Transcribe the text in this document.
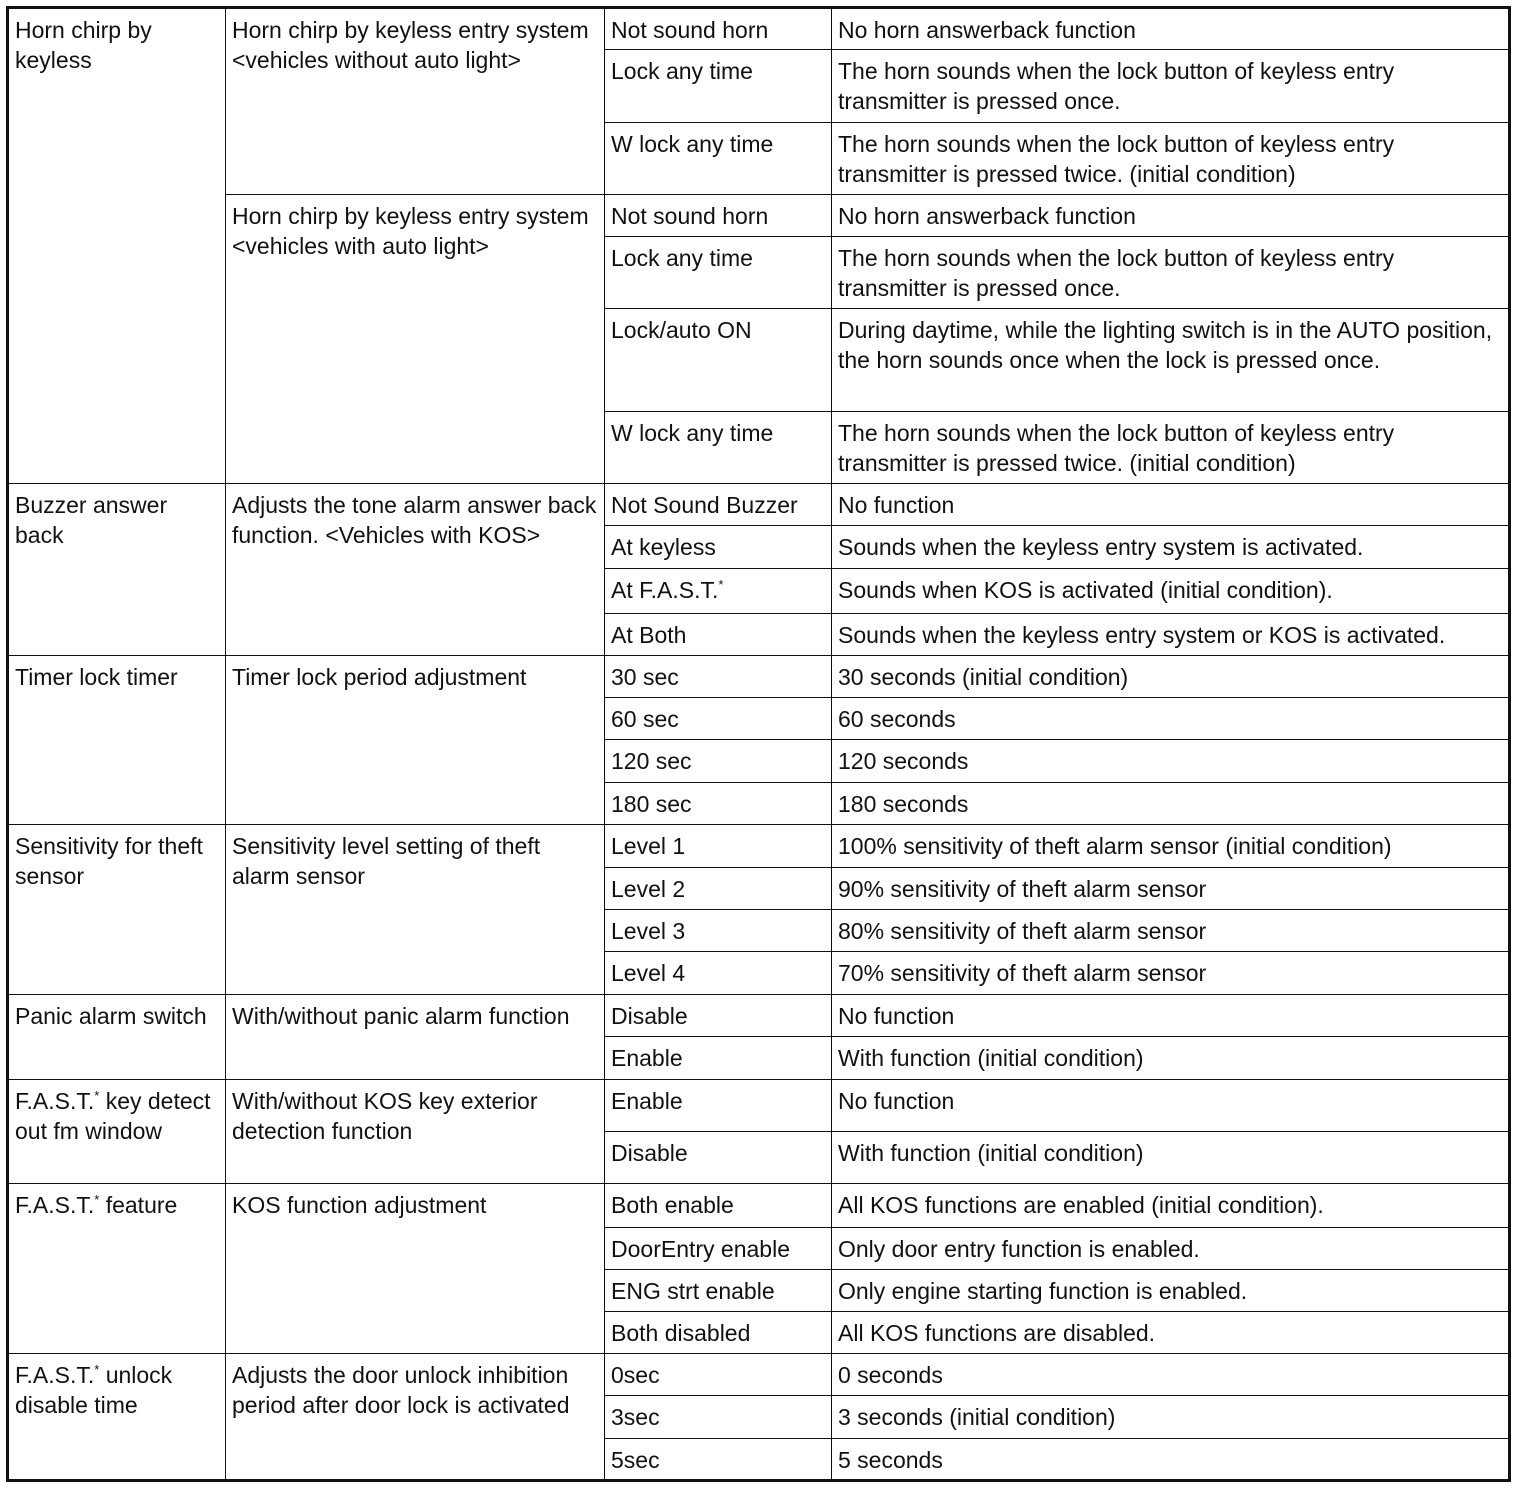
Horn chirp by keyless	Horn chirp by keyless entry system <vehicles without auto light>	Not sound horn	No horn answerback function
		Lock any time	The horn sounds when the lock button of keyless entry transmitter is pressed once.
		W lock any time	The horn sounds when the lock button of keyless entry transmitter is pressed twice. (initial condition)
	Horn chirp by keyless entry system <vehicles with auto light>	Not sound horn	No horn answerback function
		Lock any time	The horn sounds when the lock button of keyless entry transmitter is pressed once.
		Lock/auto ON	During daytime, while the lighting switch is in the AUTO position, the horn sounds once when the lock is pressed once.
		W lock any time	The horn sounds when the lock button of keyless entry transmitter is pressed twice. (initial condition)
Buzzer answer back	Adjusts the tone alarm answer back function. <Vehicles with KOS>	Not Sound Buzzer	No function
		At keyless	Sounds when the keyless entry system is activated.
		At F.A.S.T.*	Sounds when KOS is activated (initial condition).
		At Both	Sounds when the keyless entry system or KOS is activated.
Timer lock timer	Timer lock period adjustment	30 sec	30 seconds (initial condition)
		60 sec	60 seconds
		120 sec	120 seconds
		180 sec	180 seconds
Sensitivity for theft sensor	Sensitivity level setting of theft alarm sensor	Level 1	100% sensitivity of theft alarm sensor (initial condition)
		Level 2	90% sensitivity of theft alarm sensor
		Level 3	80% sensitivity of theft alarm sensor
		Level 4	70% sensitivity of theft alarm sensor
Panic alarm switch	With/without panic alarm function	Disable	No function
		Enable	With function (initial condition)
F.A.S.T.* key detect out fm window	With/without KOS key exterior detection function	Enable	No function
		Disable	With function (initial condition)
F.A.S.T.* feature	KOS function adjustment	Both enable	All KOS functions are enabled (initial condition).
		DoorEntry enable	Only door entry function is enabled.
		ENG strt enable	Only engine starting function is enabled.
		Both disabled	All KOS functions are disabled.
F.A.S.T.* unlock disable time	Adjusts the door unlock inhibition period after door lock is activated	0sec	0 seconds
		3sec	3 seconds (initial condition)
		5sec	5 seconds
